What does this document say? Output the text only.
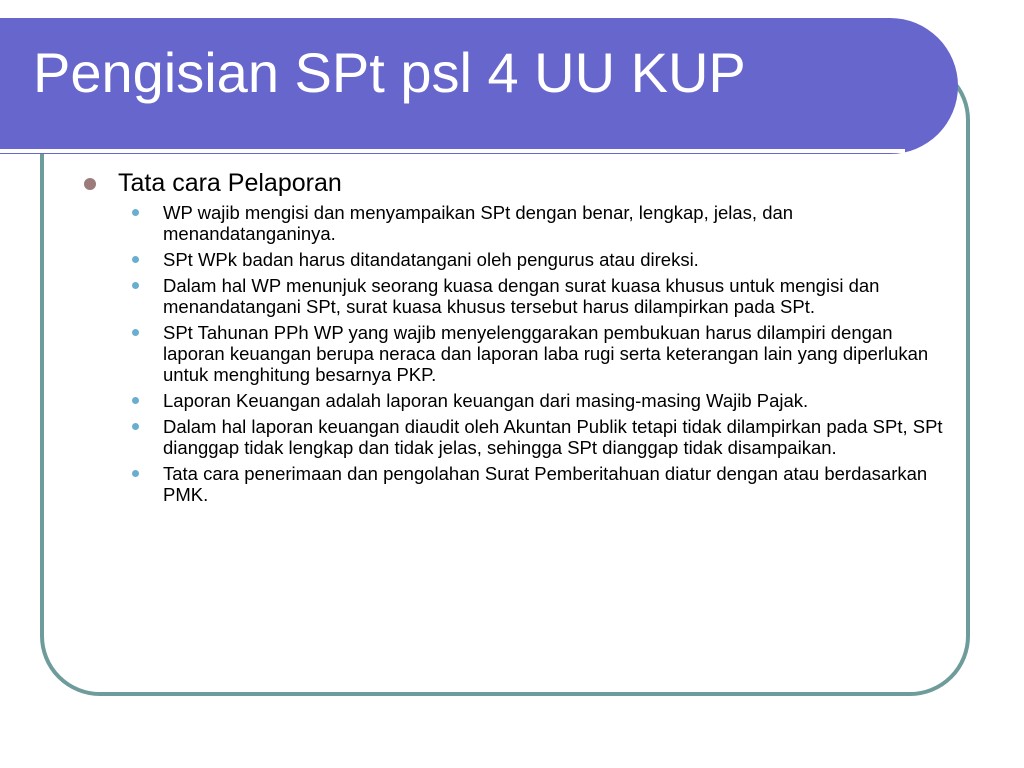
Pengisian SPt psl 4 UU KUP
Tata cara Pelaporan
WP wajib mengisi dan menyampaikan SPt dengan benar, lengkap, jelas, dan menandatanganinya.
SPt WPk badan harus ditandatangani oleh pengurus atau direksi.
Dalam hal WP menunjuk seorang kuasa dengan surat kuasa khusus untuk mengisi dan menandatangani SPt, surat kuasa khusus tersebut harus dilampirkan pada SPt.
SPt Tahunan PPh WP yang wajib menyelenggarakan pembukuan harus dilampiri dengan laporan keuangan berupa neraca dan laporan laba rugi serta keterangan lain yang diperlukan untuk menghitung besarnya PKP.
Laporan Keuangan adalah laporan keuangan dari masing-masing Wajib Pajak.
Dalam hal laporan keuangan diaudit oleh Akuntan Publik tetapi tidak dilampirkan pada SPt, SPt dianggap tidak lengkap dan tidak jelas, sehingga SPt dianggap tidak disampaikan.
Tata cara penerimaan dan pengolahan Surat Pemberitahuan diatur dengan atau berdasarkan PMK.
